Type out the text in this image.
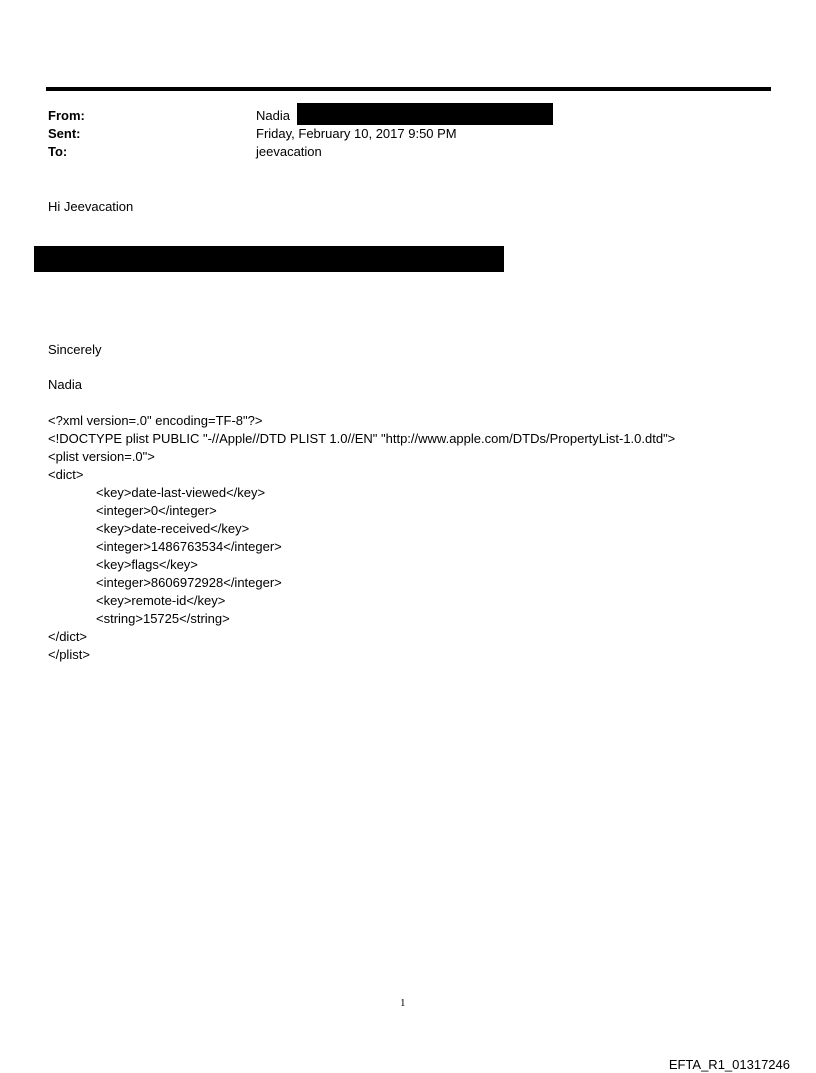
From:	Nadia
Sent:	Friday, February 10, 2017 9:50 PM
To:	jeevacation
Hi Jeevacation
Sincerely
Nadia
<?xml version=.0" encoding=TF-8"?>
<!DOCTYPE plist PUBLIC "-//Apple//DTD PLIST 1.0//EN" "http://www.apple.com/DTDs/PropertyList-1.0.dtd">
<plist version=.0">
<dict>
<key>date-last-viewed</key>
<integer>0</integer>
<key>date-received</key>
<integer>1486763534</integer>
<key>flags</key>
<integer>8606972928</integer>
<key>remote-id</key>
<string>15725</string>
</dict>
</plist>
1
EFTA_R1_01317246
